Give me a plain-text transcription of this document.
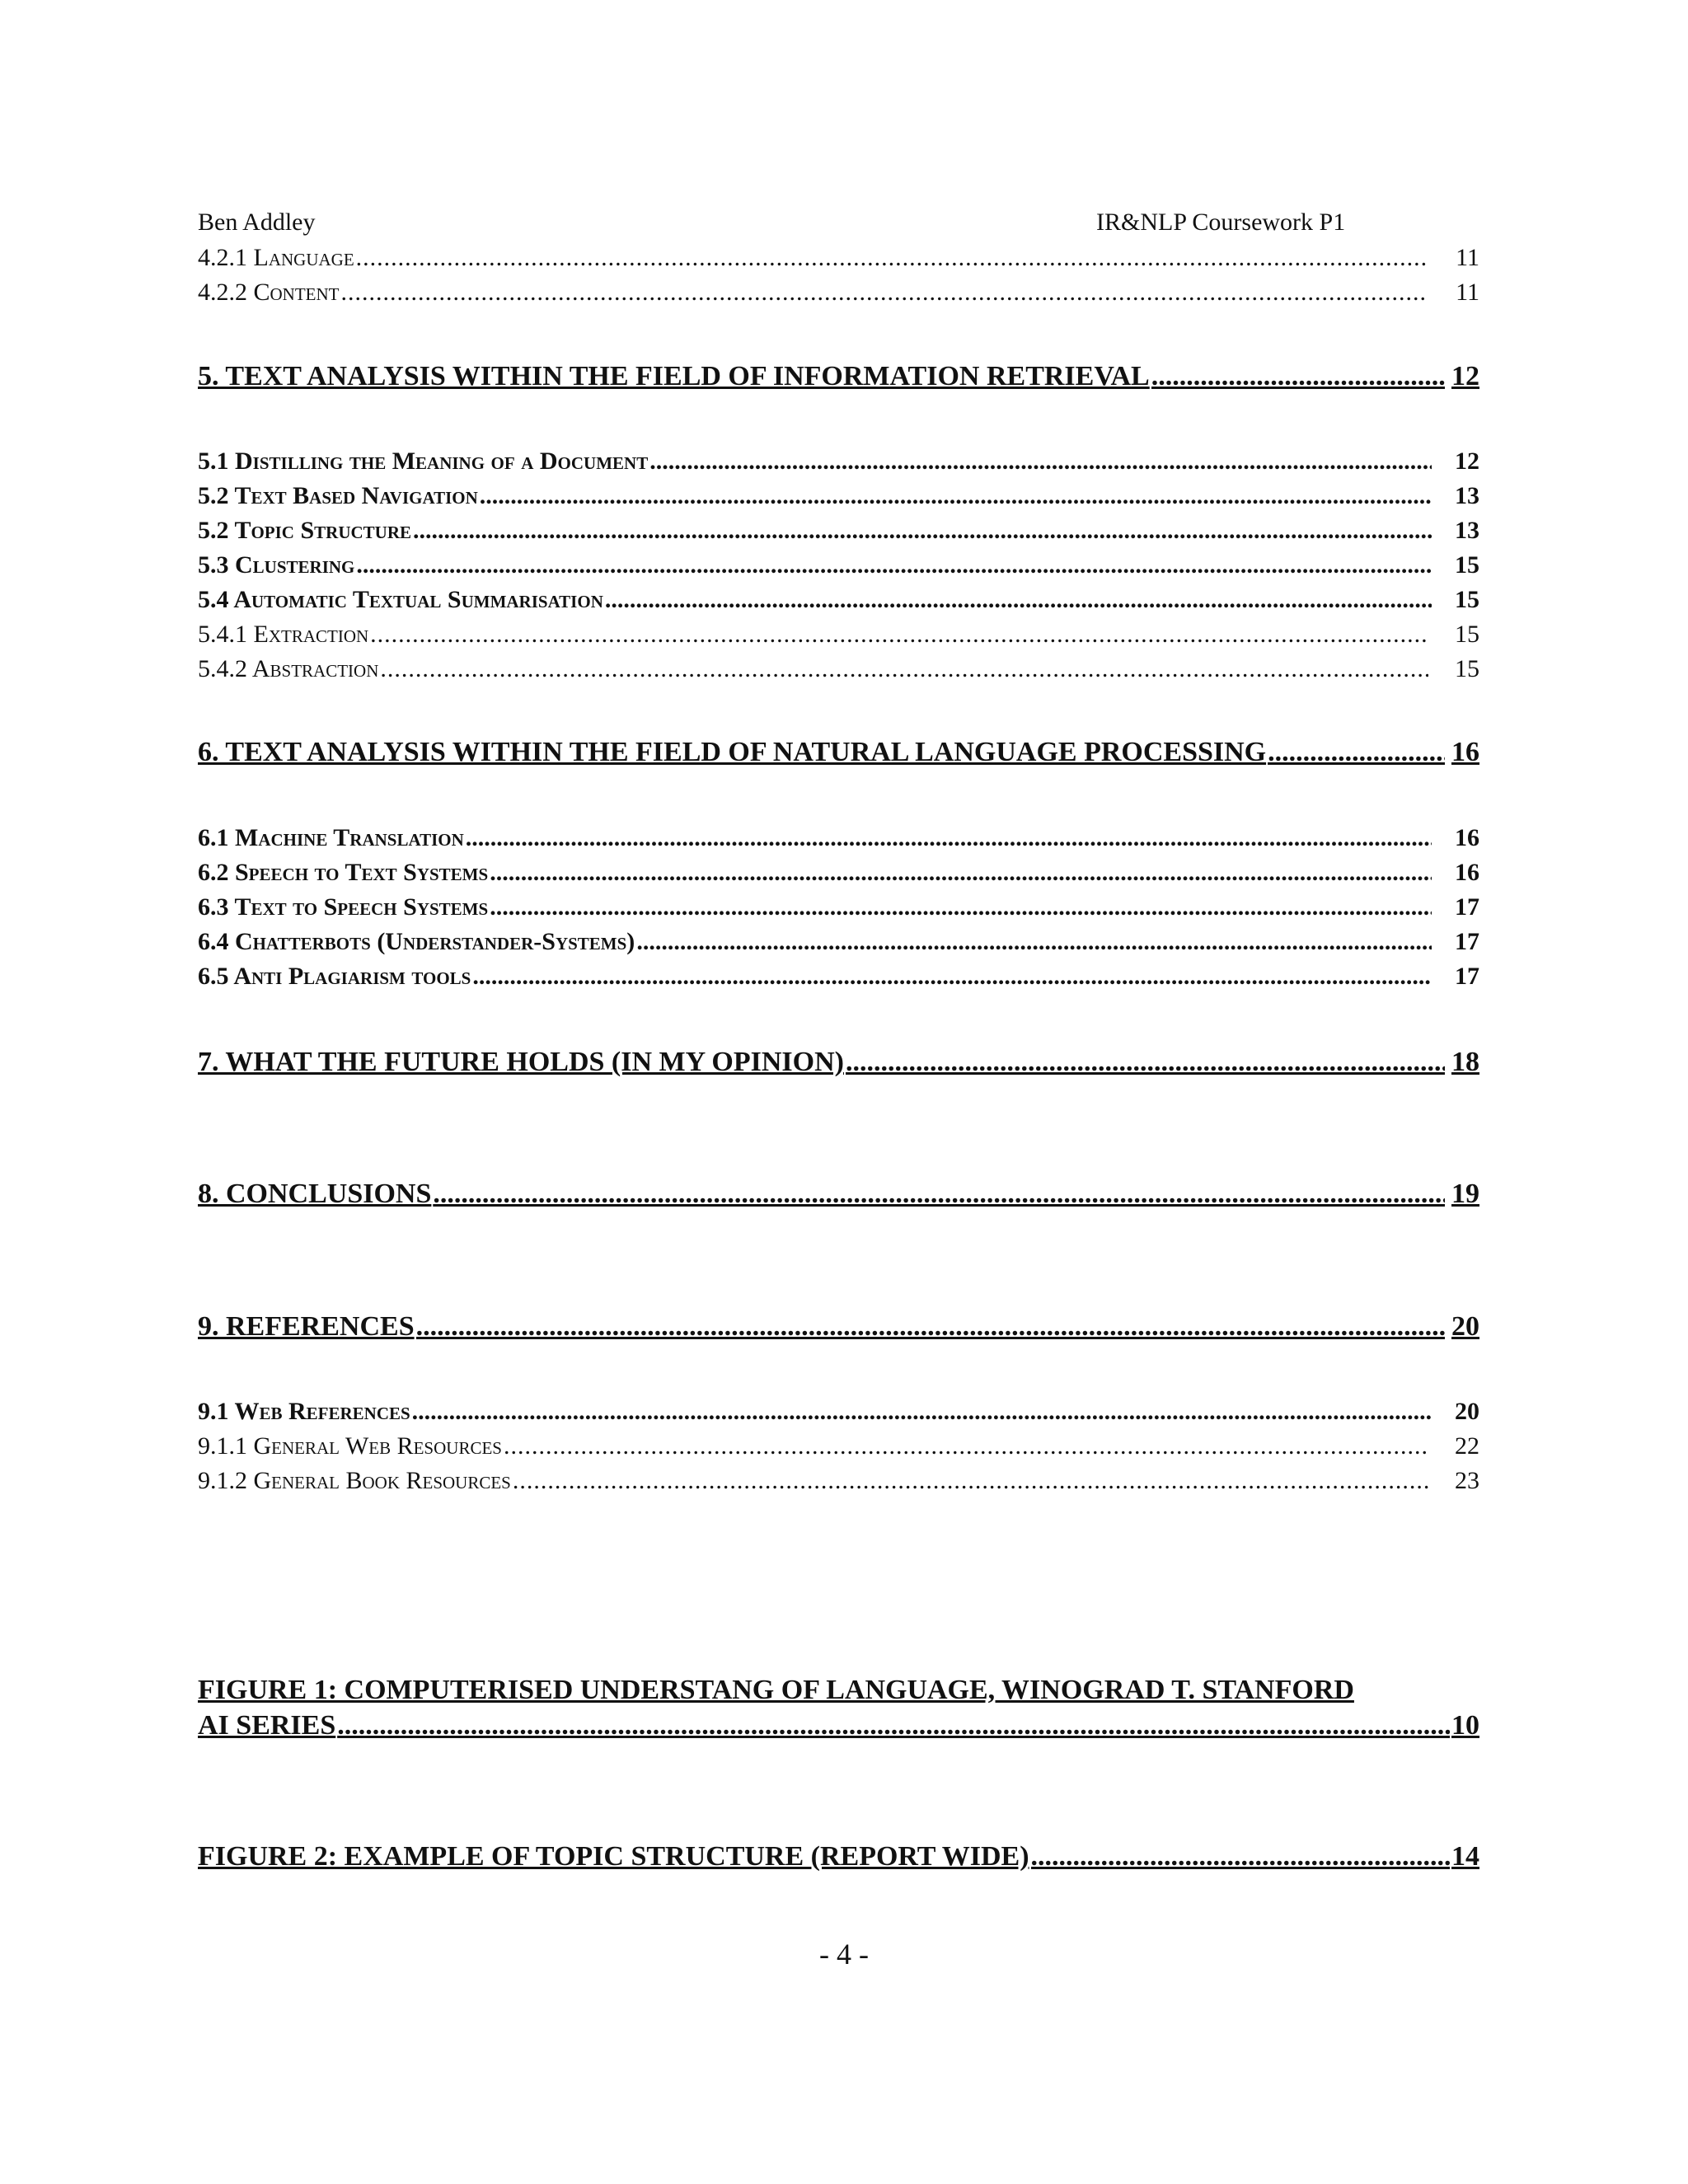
Ben Addley	IR&NLP Coursework P1
4.2.1 Language .....	11
4.2.2 Content .....	11
5. TEXT ANALYSIS WITHIN THE FIELD OF INFORMATION RETRIEVAL .....	12
5.1 Distilling the Meaning of a Document .....	12
5.2 Text Based Navigation .....	13
5.2 Topic Structure .....	13
5.3 Clustering .....	15
5.4 Automatic Textual Summarisation .....	15
5.4.1 Extraction .....	15
5.4.2 Abstraction .....	15
6. TEXT ANALYSIS WITHIN THE FIELD OF NATURAL LANGUAGE PROCESSING .....	16
6.1 Machine Translation .....	16
6.2 Speech to Text Systems .....	16
6.3 Text to Speech Systems .....	17
6.4 Chatterbots (Understander-Systems) .....	17
6.5 Anti Plagiarism tools .....	17
7. WHAT THE FUTURE HOLDS (IN MY OPINION) .....	18
8. CONCLUSIONS .....	19
9. REFERENCES .....	20
9.1 Web References .....	20
9.1.1 General Web Resources .....	22
9.1.2 General Book Resources .....	23
FIGURE 1: COMPUTERISED UNDERSTANG OF LANGUAGE, WINOGRAD T. STANFORD
AI SERIES .....	10
FIGURE 2: EXAMPLE OF TOPIC STRUCTURE (REPORT WIDE) .....	14
- 4 -
